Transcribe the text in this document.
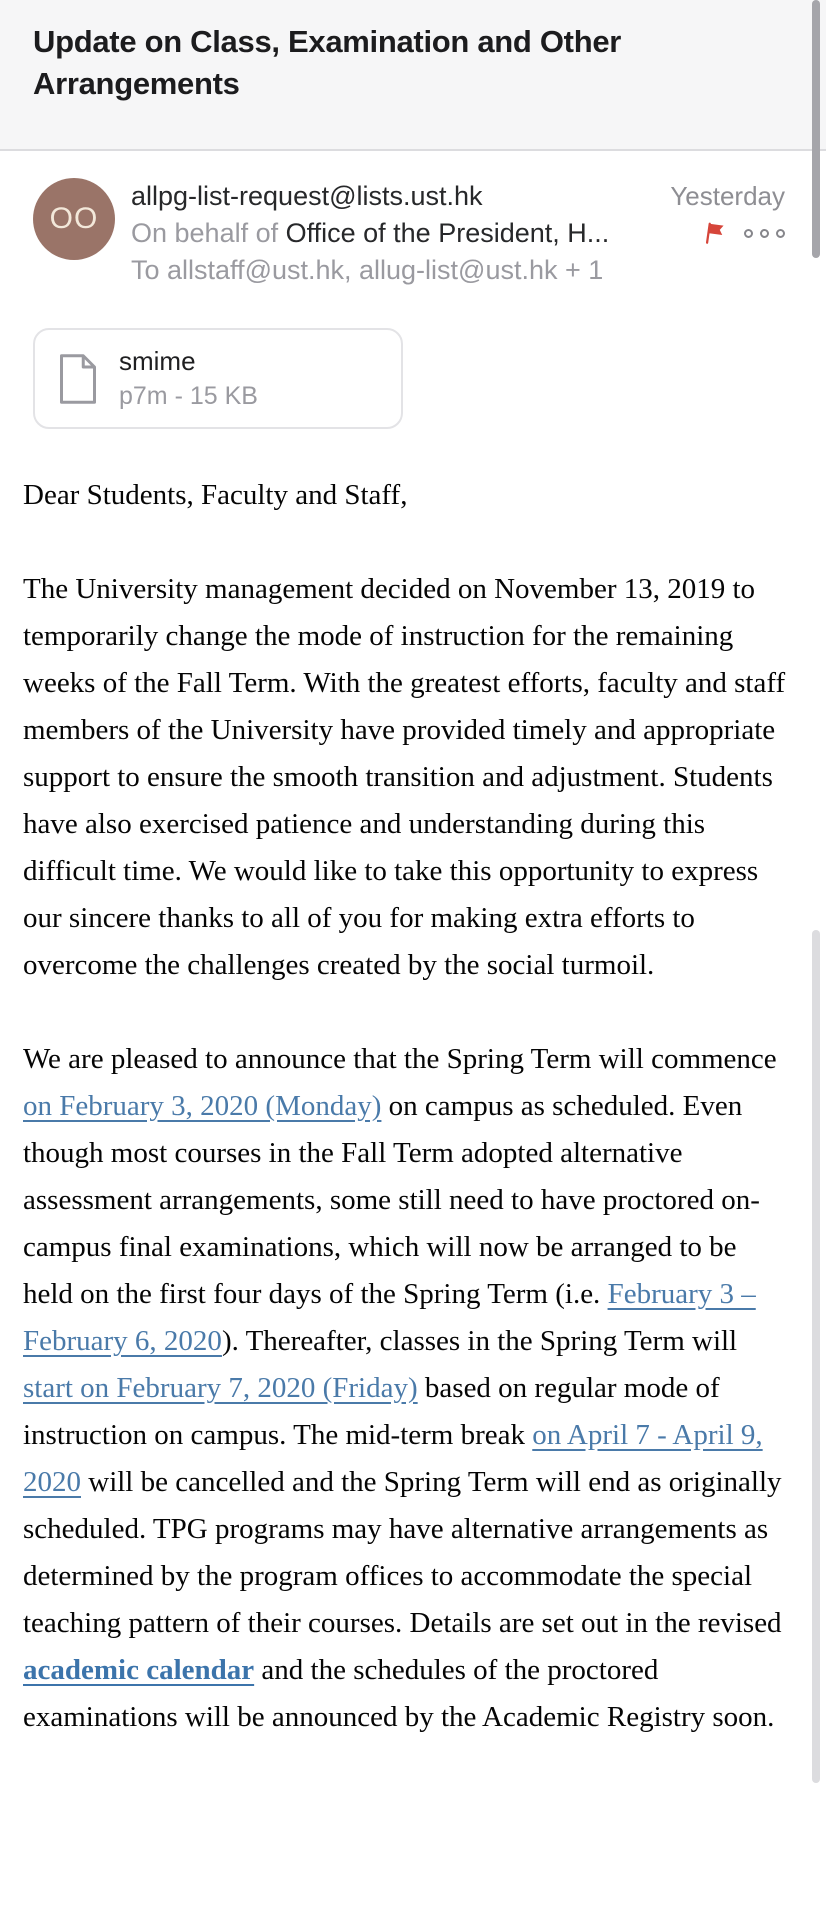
Update on Class, Examination and Other Arrangements
OO
allpg-list-request@lists.ust.hk	Yesterday
On behalf of Office of the President, H...
To allstaff@ust.hk, allug-list@ust.hk + 1
smime
p7m - 15 KB

Dear Students, Faculty and Staff,

The University management decided on November 13, 2019 to temporarily change the mode of instruction for the remaining weeks of the Fall Term. With the greatest efforts, faculty and staff members of the University have provided timely and appropriate support to ensure the smooth transition and adjustment. Students have also exercised patience and understanding during this difficult time. We would like to take this opportunity to express our sincere thanks to all of you for making extra efforts to overcome the challenges created by the social turmoil.

We are pleased to announce that the Spring Term will commence on February 3, 2020 (Monday) on campus as scheduled. Even though most courses in the Fall Term adopted alternative assessment arrangements, some still need to have proctored on-campus final examinations, which will now be arranged to be held on the first four days of the Spring Term (i.e. February 3 – February 6, 2020). Thereafter, classes in the Spring Term will start on February 7, 2020 (Friday) based on regular mode of instruction on campus. The mid-term break on April 7 - April 9, 2020 will be cancelled and the Spring Term will end as originally scheduled. TPG programs may have alternative arrangements as determined by the program offices to accommodate the special teaching pattern of their courses. Details are set out in the revised academic calendar and the schedules of the proctored examinations will be announced by the Academic Registry soon.
